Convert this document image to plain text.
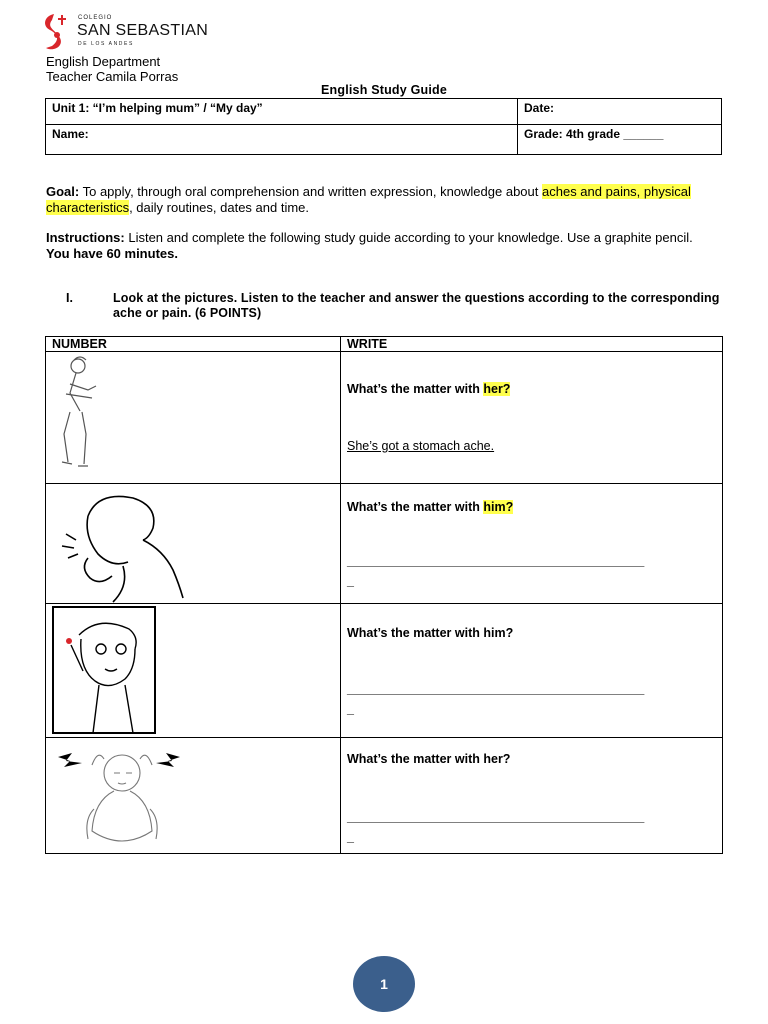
COLEGIO
SAN SEBASTIAN
DE LOS ANDES
English Department
Teacher Camila Porras
English Study Guide
Unit 1: “I’m helping mum” / “My day”	Date:
Name:	Grade: 4th grade ______
Goal: To apply, through oral comprehension and written expression, knowledge about aches and pains, physical characteristics, daily routines, dates and time.
Instructions: Listen and complete the following study guide according to your knowledge. Use a graphite pencil. You have 60 minutes.
I.	Look at the pictures. Listen to the teacher and answer the questions according to the corresponding ache or pain. (6 POINTS)
NUMBER	WRITE

What’s the matter with her?
She’s got a stomach ache.

What’s the matter with him?
______________________________________________
_

What’s the matter with him?
______________________________________________
_

What’s the matter with her?
______________________________________________
_
1
